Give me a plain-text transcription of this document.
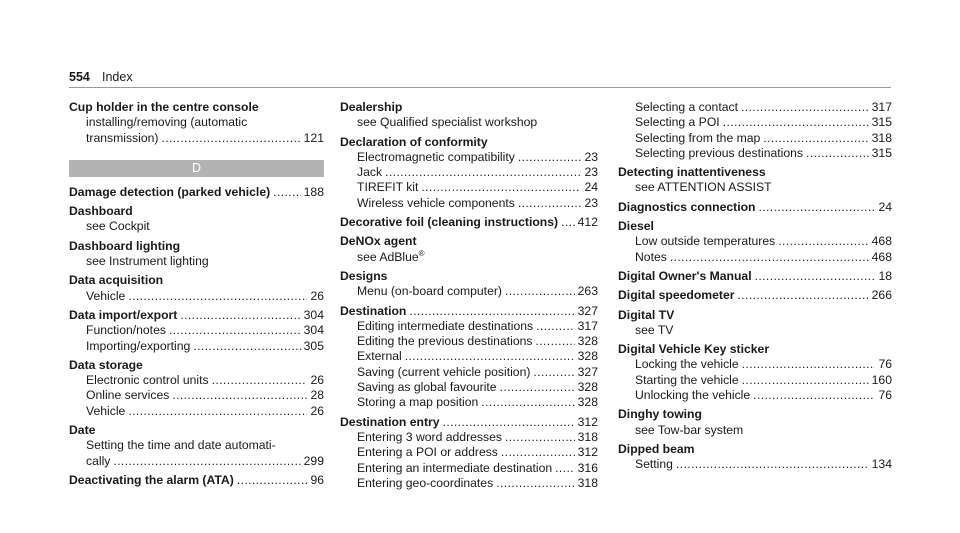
554 Index
Cup holder in the centre console
installing/removing (automatic
transmission) . . .	121
D
Damage detection (parked vehicle) . . .	188
Dashboard
see Cockpit
Dashboard lighting
see Instrument lighting
Data acquisition
Vehicle . . .	26
Data import/export . . .	304
Function/notes . . .	304
Importing/exporting . . .	305
Data storage
Electronic control units . . .	26
Online services . . .	28
Vehicle . . .	26
Date
Setting the time and date automati-
cally . . .	299
Deactivating the alarm (ATA) . . .	96
Dealership
see Qualified specialist workshop
Declaration of conformity
Electromagnetic compatibility . . .	23
Jack . . .	23
TIREFIT kit . . .	24
Wireless vehicle components . . .	23
Decorative foil (cleaning instructions) . . . 412
DeNOx agent
see AdBlue®
Designs
Menu (on-board computer) . . .	263
Destination . . .	327
Editing intermediate destinations . . .	317
Editing the previous destinations . . .	328
External . . .	328
Saving (current vehicle position) . . .	327
Saving as global favourite . . .	328
Storing a map position . . .	328
Destination entry . . .	312
Entering 3 word addresses . . .	318
Entering a POI or address . . .	312
Entering an intermediate destination . . . 316
Entering geo-coordinates . . .	318
Selecting a contact . . .	317
Selecting a POI . . .	315
Selecting from the map . . .	318
Selecting previous destinations . . .	315
Detecting inattentiveness
see ATTENTION ASSIST
Diagnostics connection . . .	24
Diesel
Low outside temperatures . . .	468
Notes . . .	468
Digital Owner's Manual . . .	18
Digital speedometer . . .	266
Digital TV
see TV
Digital Vehicle Key sticker
Locking the vehicle . . .	76
Starting the vehicle . . .	160
Unlocking the vehicle . . .	76
Dinghy towing
see Tow-bar system
Dipped beam
Setting . . .	134
